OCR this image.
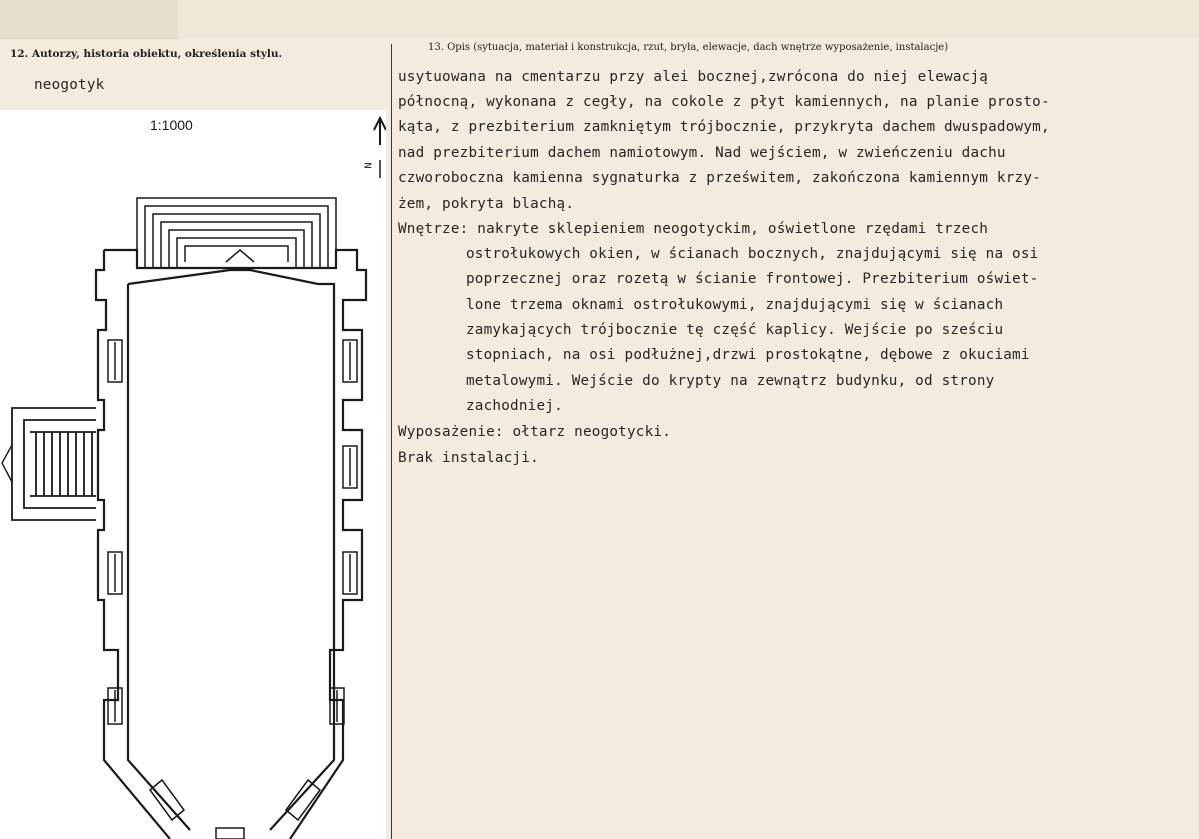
12. Autorzy, historia obiektu, określenia stylu.
13. Opis (sytuacja, materiał i konstrukcja, rzut, bryła, elewacje, dach wnętrze wyposażenie, instalacje)
neogotyk
1:1000
usytuowana na cmentarzu przy alei bocznej,zwrócona do niej elewacją
północną, wykonana z cegły, na cokole z płyt kamiennych, na planie prosto-
kąta, z prezbiterium zamkniętym trójbocznie, przykryta dachem dwuspadowym,
nad prezbiterium dachem namiotowym. Nad wejściem, w zwieńczeniu dachu
czworoboczna kamienna sygnaturka z prześwitem, zakończona kamiennym krzy-
żem, pokryta blachą.
Wnętrze: nakryte sklepieniem neogotyckim, oświetlone rzędami trzech
ostrołukowych okien, w ścianach bocznych, znajdującymi się na osi
poprzecznej oraz rozetą w ścianie frontowej. Prezbiterium oświet-
lone trzema oknami ostrołukowymi, znajdującymi się w ścianach
zamykających trójbocznie tę część kaplicy. Wejście po sześciu
stopniach, na osi podłużnej,drzwi prostokątne, dębowe z okuciami
metalowymi. Wejście do krypty na zewnątrz budynku, od strony
zachodniej.
Wyposażenie: ołtarz neogotycki.
Brak instalacji.
N
